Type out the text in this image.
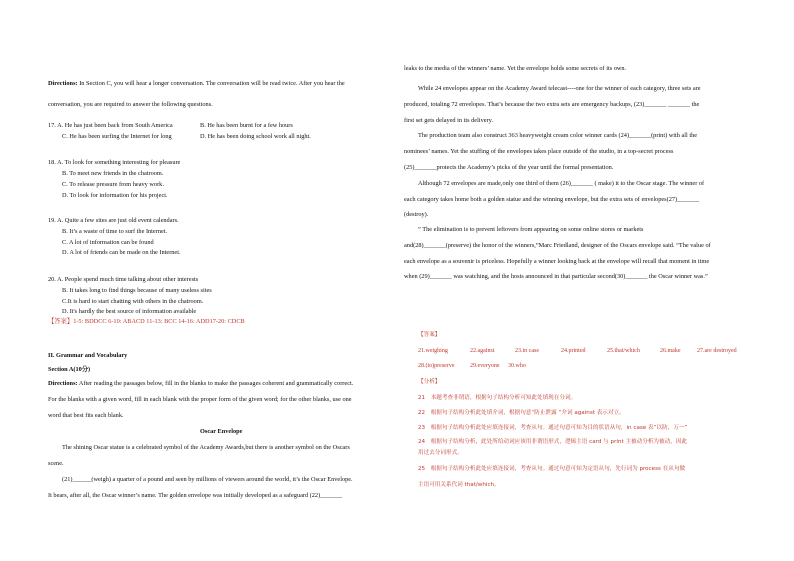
Directions: In Section C, you will hear a longer conversation. The conversation will be read twice. After you hear the
conversation, you are required to answer the following questions.
17. A. He has just been back from South America	B. He has been burnt for a few hours
C. He has been surfing the Internet for long	D. He has been doing school work all night.
18. A. To look for something interesting for pleasure
B. To meet new friends in the chatroom.
C. To release pressure from heavy work.
D. To look for information for his project.
19. A. Quite a few sites are just old event calendars.
B. It’s a waste of time to surf the Internet.
C. A lot of information can be found
D. A lot of friends can be made on the Internet.
20. A. People spend much time talking about other interests
B. It takes long to find things because of many useless sites
C.It is hard to start chatting with others in the chatroom.
D. It's hardly the best source of information available
【答案】1-5: BDDCC 6-10: ABACD 11-13: BCC 14-16: ADD17-20: CDCB
II. Grammar and Vocabulary
Section A(10分)
Directions: After reading the passages below, fill in the blanks to make the passages coherent and grammatically correct.
For the blanks with a given word, fill in each blank with the proper form of the given word; for the other blanks, use one
word that best fits each blank.
Oscar Envelope
The shining Oscar statue is a celebrated symbol of the Academy Awards,but there is another symbol on the Oscars
scene.
(21)______(weigh) a quarter of a pound and seen by millions of viewers around the world, it’s the Oscar Envelope.
It bears, after all, the Oscar winner’s name. The golden envelope was initially developed as a safeguard (22)_______
leaks to the media of the winners’ name. Yet the envelope holds some secrets of its own.
While 24 envelopes appear on the Academy Award telecast----one for the winner of each category, three sets are
produced, totaling 72 envelopes. That’s because the two extra sets are emergency backups, (23)_______ _______ the
first set gets delayed in its delivery.
The production team also construct 363 heavyweight cream color winner cards (24)_______(print) with all the
nominees’ names. Yet the stuffing of the envelopes takes place outside of the studio, in a top-secret process
(25)_______protects the Academy’s picks of the year until the formal presentation.
Although 72 envelopes are made,only one third of them (26)_______ ( make) it to the Oscar stage. The winner of
each category takes home both a golden statue and the winning envelope, but the extra sets of envelopes(27)_______
(destroy).
” The elimination is to prevent leftovers from appearing on some online stores or markets
and(28)_______(preserve) the honor of the winners,”Marc Friedland, designer of the Oscars envelope said. “The value of
each envelope as a souvenir is priceless. Hopefully a winner looking back at the envelope will recall that moment in time
when (29)_______ was watching, and the hosts announced in that particular second(30)_______ the Oscar winner was.”
【答案】
21.weighing	22.against	23.in case	24.printed	25.that/which	26.make	27.are destroyed
28.(to)preserve	29.everyone 30.who
【分析】
21　本题考查非谓语，根据句子结构分析可知此处填现在分词。
22　根据句子结构分析此处填介词，根据句意“防止泄露 ”介词 against 表示对立。
23　根据句子结构分析此处应填连接词，考查从句。通过句意可知为目的状语从句，in case 表“以防，万一”
24　根据句子结构分析，此处所给动词应该用非谓语形式，逻辑主语 card 与 print 主被动分析为被动，因此
用过去分词形式。
25　根据句子结构分析此处应填连接词，考查从句。通过句意可知为定语从句，先行词为 process 在从句做
主语可用关系代词 that/which。
